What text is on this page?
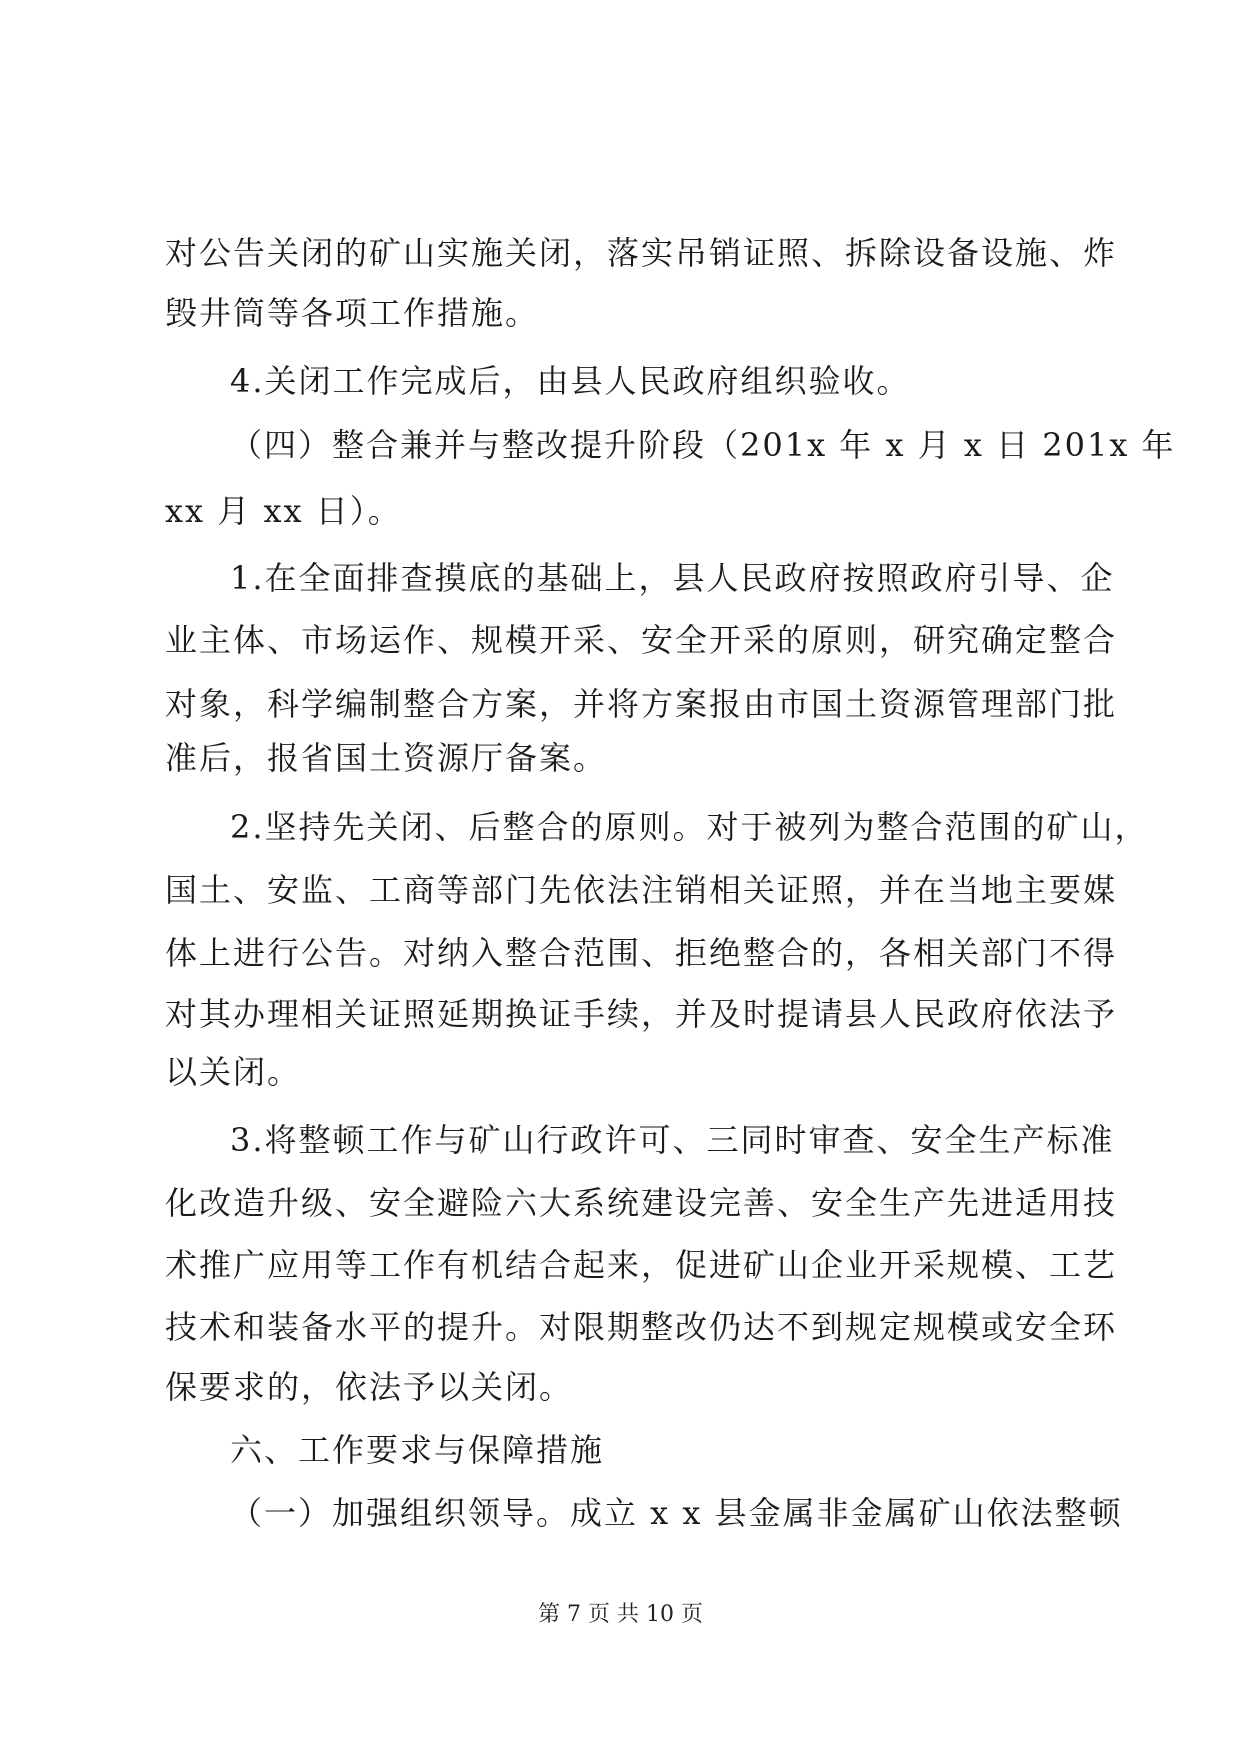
对公告关闭的矿山实施关闭，落实吊销证照、拆除设备设施、炸
毁井筒等各项工作措施。
4.关闭工作完成后，由县人民政府组织验收。
（四）整合兼并与整改提升阶段（201x 年 x 月 x 日 201x 年
xx 月 xx 日）。
1.在全面排查摸底的基础上，县人民政府按照政府引导、企
业主体、市场运作、规模开采、安全开采的原则，研究确定整合
对象，科学编制整合方案，并将方案报由市国土资源管理部门批
准后，报省国土资源厅备案。
2.坚持先关闭、后整合的原则。对于被列为整合范围的矿山，
国土、安监、工商等部门先依法注销相关证照，并在当地主要媒
体上进行公告。对纳入整合范围、拒绝整合的，各相关部门不得
对其办理相关证照延期换证手续，并及时提请县人民政府依法予
以关闭。
3.将整顿工作与矿山行政许可、三同时审查、安全生产标准
化改造升级、安全避险六大系统建设完善、安全生产先进适用技
术推广应用等工作有机结合起来，促进矿山企业开采规模、工艺
技术和装备水平的提升。对限期整改仍达不到规定规模或安全环
保要求的，依法予以关闭。
六、工作要求与保障措施
（一）加强组织领导。成立 x x 县金属非金属矿山依法整顿
第 7 页 共 10 页
